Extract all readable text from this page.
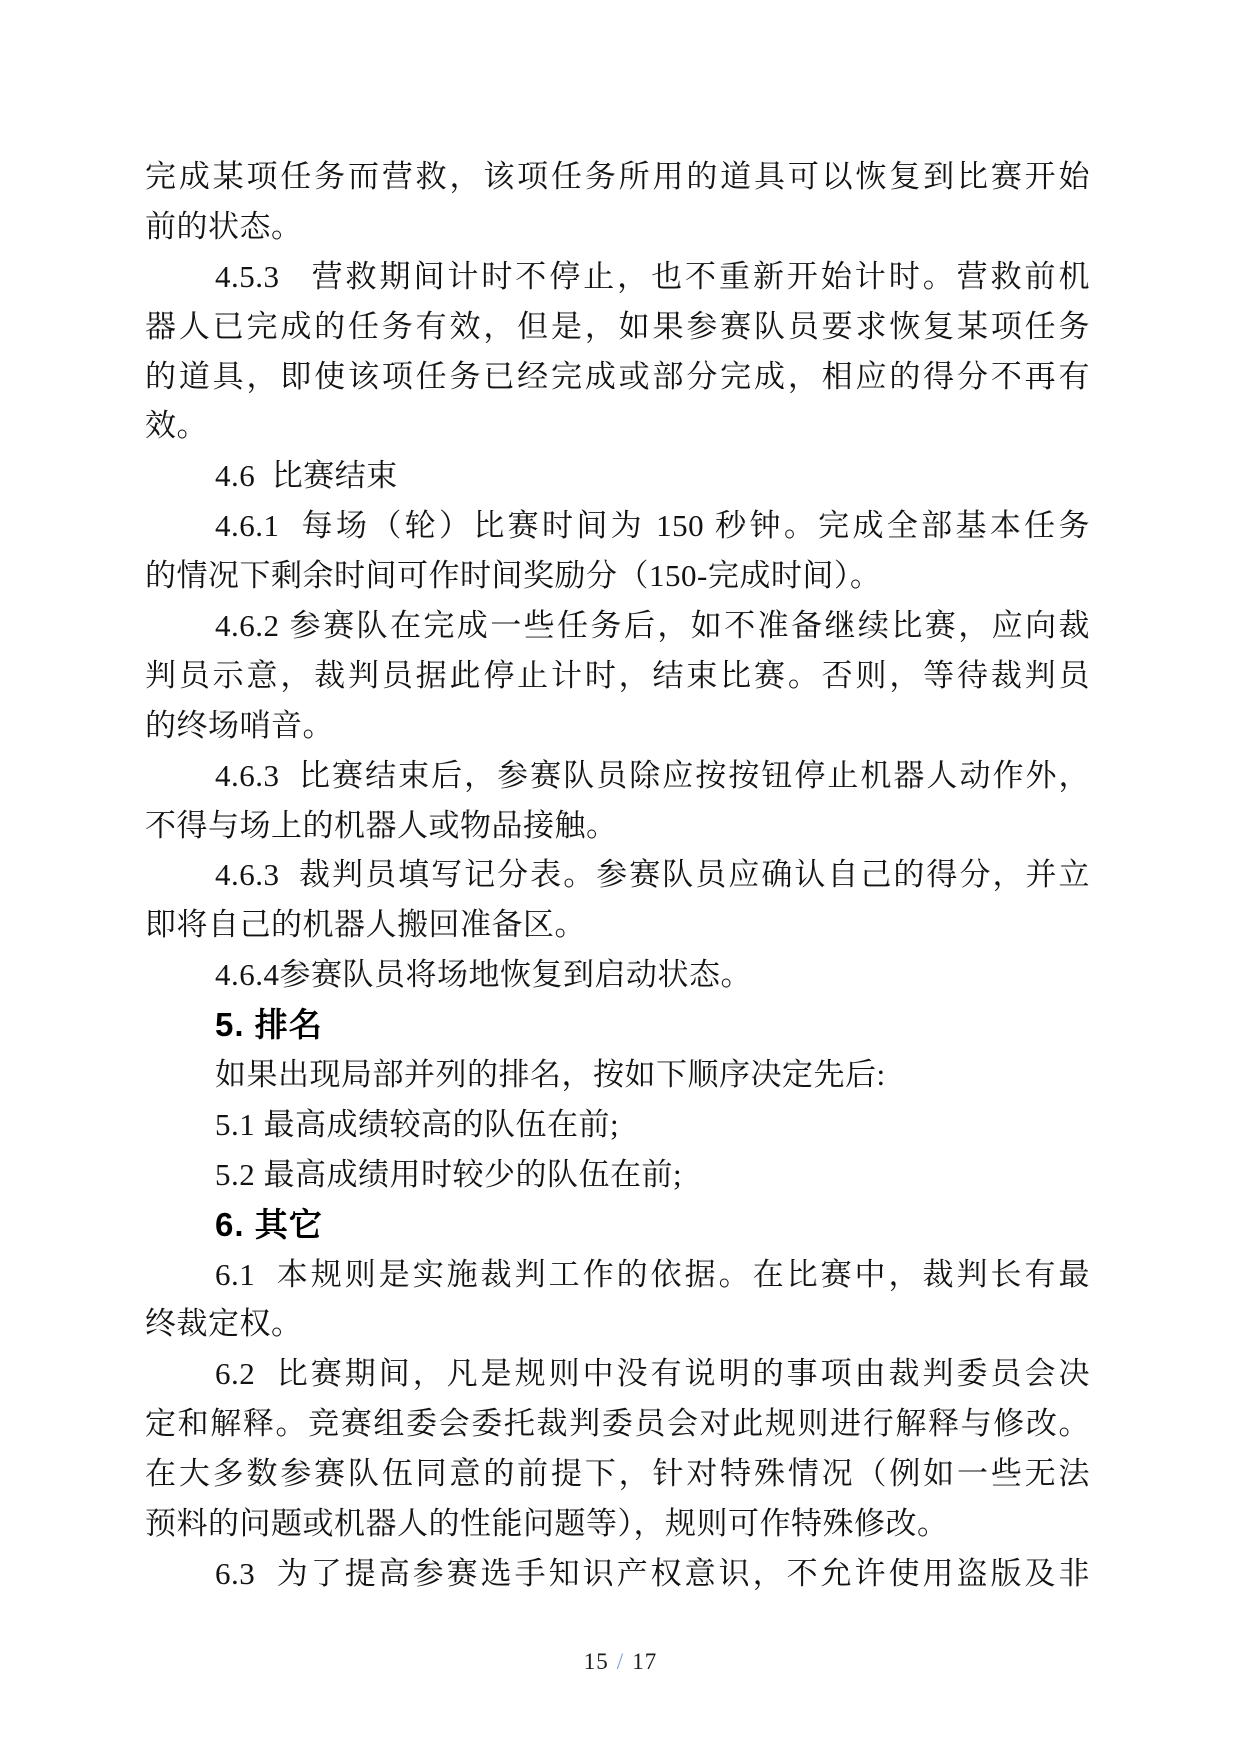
完成某项任务而营救，该项任务所用的道具可以恢复到比赛开始
前的状态。
4.5.3   营救期间计时不停止，也不重新开始计时。营救前机
器人已完成的任务有效，但是，如果参赛队员要求恢复某项任务
的道具，即使该项任务已经完成或部分完成，相应的得分不再有
效。
4.6  比赛结束
4.6.1  每场（轮）比赛时间为 150 秒钟。完成全部基本任务
的情况下剩余时间可作时间奖励分（150-完成时间）。
4.6.2 参赛队在完成一些任务后，如不准备继续比赛，应向裁
判员示意，裁判员据此停止计时，结束比赛。否则，等待裁判员
的终场哨音。
4.6.3  比赛结束后，参赛队员除应按按钮停止机器人动作外，
不得与场上的机器人或物品接触。
4.6.3  裁判员填写记分表。参赛队员应确认自己的得分，并立
即将自己的机器人搬回准备区。
4.6.4参赛队员将场地恢复到启动状态。
5. 排名
如果出现局部并列的排名，按如下顺序决定先后:
5.1 最高成绩较高的队伍在前;
5.2 最高成绩用时较少的队伍在前;
6. 其它
6.1  本规则是实施裁判工作的依据。在比赛中，裁判长有最
终裁定权。
6.2  比赛期间，凡是规则中没有说明的事项由裁判委员会决
定和解释。竞赛组委会委托裁判委员会对此规则进行解释与修改。
在大多数参赛队伍同意的前提下，针对特殊情况（例如一些无法
预料的问题或机器人的性能问题等），规则可作特殊修改。
6.3  为了提高参赛选手知识产权意识，不允许使用盗版及非
15 / 17
